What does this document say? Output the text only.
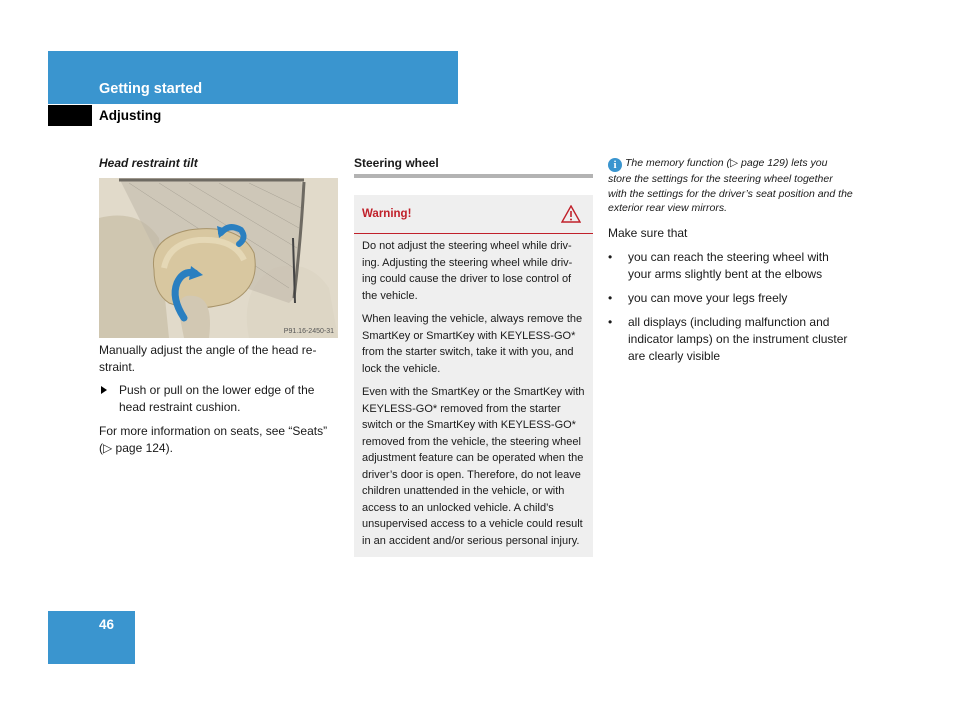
Getting started
Adjusting
Head restraint tilt
P91.16-2450-31

Manually adjust the angle of the head re-straint.

Push or pull on the lower edge of the head restraint cushion.

For more information on seats, see “Seats” (▷ page 124).

Steering wheel
Warning!

Do not adjust the steering wheel while driv-ing. Adjusting the steering wheel while driv-ing could cause the driver to lose control of the vehicle.

When leaving the vehicle, always remove the SmartKey or SmartKey with KEYLESS-GO* from the starter switch, take it with you, and lock the vehicle.

Even with the SmartKey or the SmartKey with KEYLESS-GO* removed from the starter switch or the SmartKey with KEYLESS-GO* removed from the vehicle, the steering wheel adjustment feature can be operated when the driver’s door is open. Therefore, do not leave children unattended in the vehicle, or with access to an unlocked vehicle. A child’s unsupervised access to a vehicle could result in an accident and/or serious personal injury.

i The memory function (▷ page 129) lets you store the settings for the steering wheel together with the settings for the driver’s seat position and the exterior rear view mirrors.

Make sure that

•	you can reach the steering wheel with your arms slightly bent at the elbows
•	you can move your legs freely
•	all displays (including malfunction and indicator lamps) on the instrument cluster are clearly visible
46
